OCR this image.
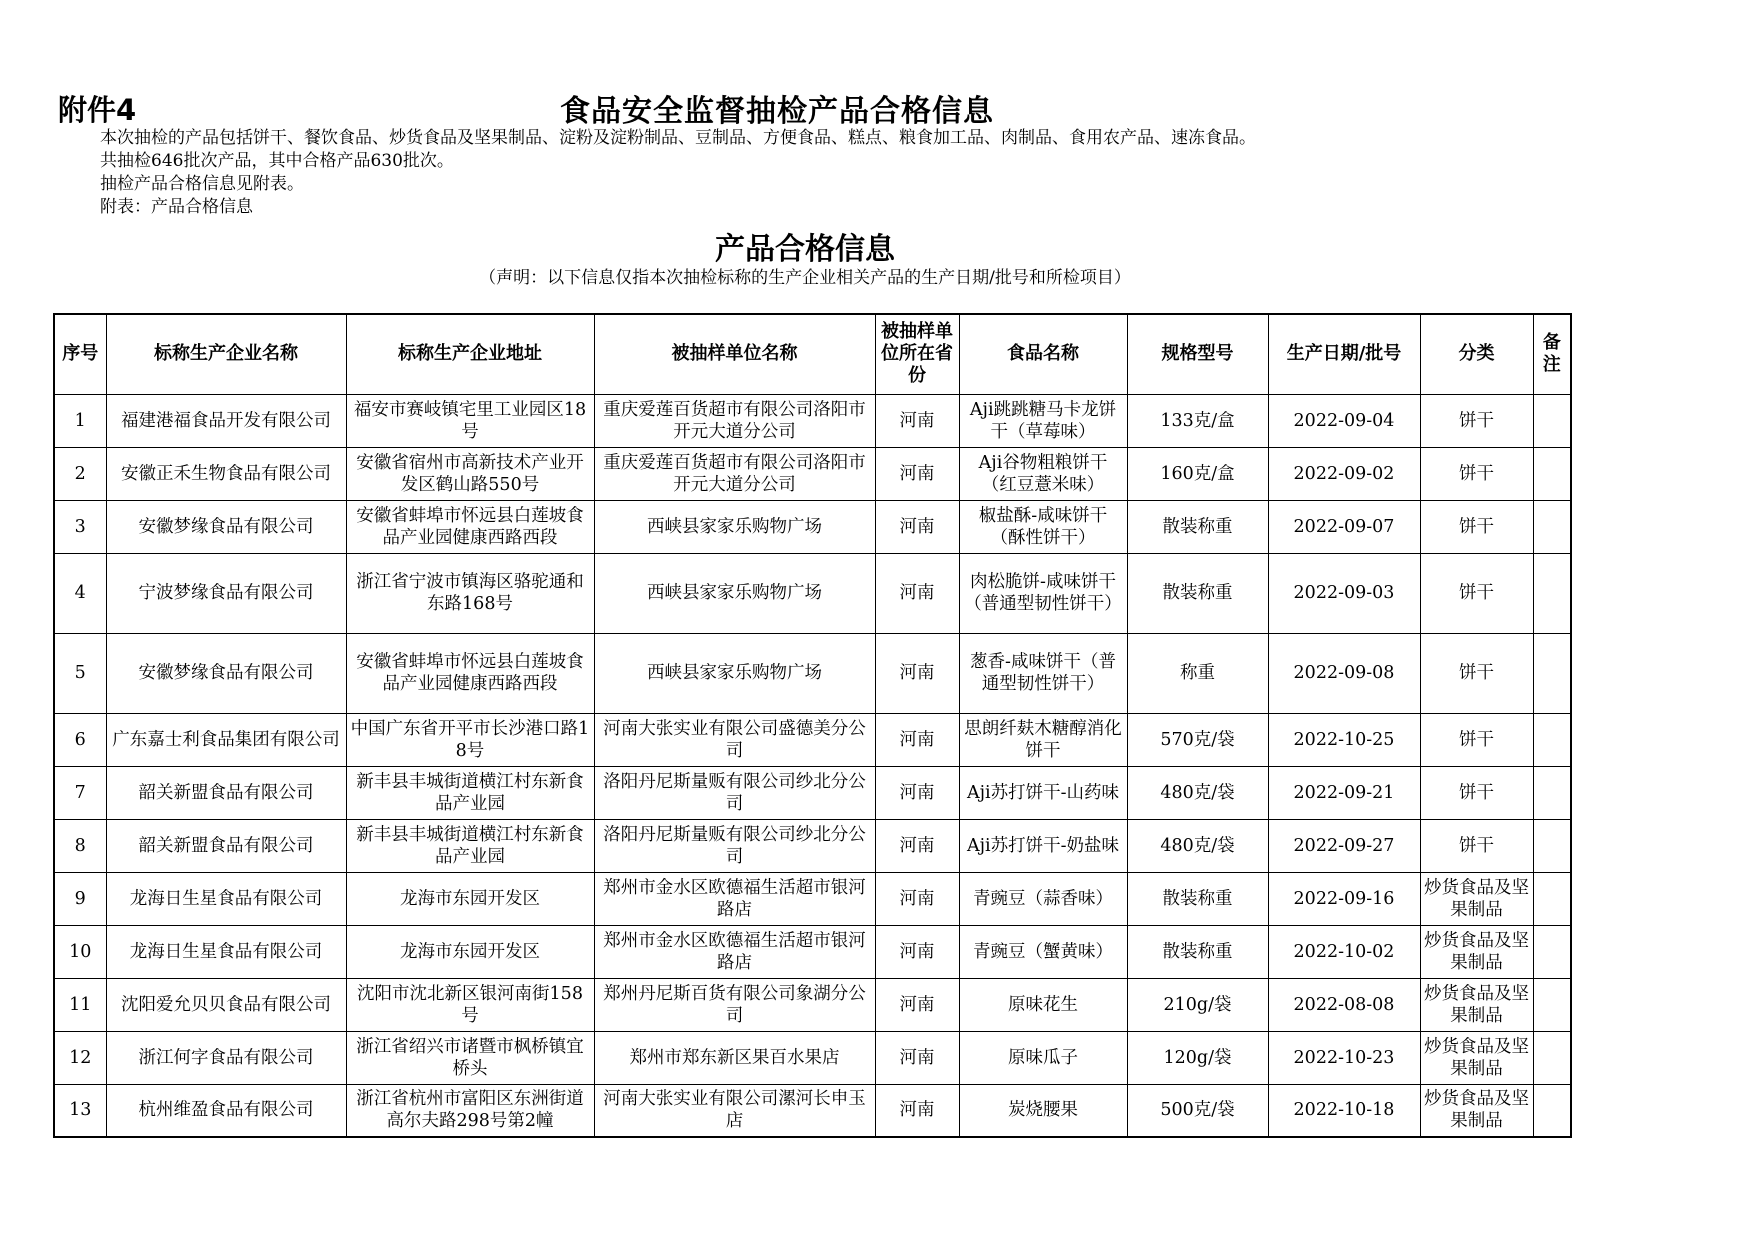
附件4	食品安全监督抽检产品合格信息
本次抽检的产品包括饼干、餐饮食品、炒货食品及坚果制品、淀粉及淀粉制品、豆制品、方便食品、糕点、粮食加工品、肉制品、食用农产品、速冻食品。
共抽检646批次产品，其中合格产品630批次。
抽检产品合格信息见附表。
附表：产品合格信息
产品合格信息
（声明：以下信息仅指本次抽检标称的生产企业相关产品的生产日期/批号和所检项目）
序号	标称生产企业名称	标称生产企业地址	被抽样单位名称	被抽样单位所在省份	食品名称	规格型号	生产日期/批号	分类	备注

1	福建港福食品开发有限公司	福安市赛岐镇宅里工业园区18号	重庆爱莲百货超市有限公司洛阳市开元大道分公司	河南	Aji跳跳糖马卡龙饼干（草莓味）	133克/盒	2022-09-04	饼干	

2	安徽正禾生物食品有限公司	安徽省宿州市高新技术产业开发区鹤山路550号	重庆爱莲百货超市有限公司洛阳市开元大道分公司	河南	Aji谷物粗粮饼干（红豆薏米味）	160克/盒	2022-09-02	饼干	

3	安徽梦缘食品有限公司	安徽省蚌埠市怀远县白莲坡食品产业园健康西路西段	西峡县家家乐购物广场	河南	椒盐酥-咸味饼干（酥性饼干）	散装称重	2022-09-07	饼干	

4	宁波梦缘食品有限公司	浙江省宁波市镇海区骆驼通和东路168号	西峡县家家乐购物广场	河南	肉松脆饼-咸味饼干（普通型韧性饼干）	散装称重	2022-09-03	饼干	

5	安徽梦缘食品有限公司	安徽省蚌埠市怀远县白莲坡食品产业园健康西路西段	西峡县家家乐购物广场	河南	葱香-咸味饼干（普通型韧性饼干）	称重	2022-09-08	饼干	

6	广东嘉士利食品集团有限公司	中国广东省开平市长沙港口路18号	河南大张实业有限公司盛德美分公司	河南	思朗纤麸木糖醇消化饼干	570克/袋	2022-10-25	饼干	

7	韶关新盟食品有限公司	新丰县丰城街道横江村东新食品产业园	洛阳丹尼斯量贩有限公司纱北分公司	河南	Aji苏打饼干-山药味	480克/袋	2022-09-21	饼干	

8	韶关新盟食品有限公司	新丰县丰城街道横江村东新食品产业园	洛阳丹尼斯量贩有限公司纱北分公司	河南	Aji苏打饼干-奶盐味	480克/袋	2022-09-27	饼干	

9	龙海日生星食品有限公司	龙海市东园开发区	郑州市金水区欧德福生活超市银河路店	河南	青豌豆（蒜香味）	散装称重	2022-09-16	炒货食品及坚果制品	

10	龙海日生星食品有限公司	龙海市东园开发区	郑州市金水区欧德福生活超市银河路店	河南	青豌豆（蟹黄味）	散装称重	2022-10-02	炒货食品及坚果制品	

11	沈阳爱允贝贝食品有限公司	沈阳市沈北新区银河南街158号	郑州丹尼斯百货有限公司象湖分公司	河南	原味花生	210g/袋	2022-08-08	炒货食品及坚果制品	

12	浙江何字食品有限公司	浙江省绍兴市诸暨市枫桥镇宜桥头	郑州市郑东新区果百水果店	河南	原味瓜子	120g/袋	2022-10-23	炒货食品及坚果制品	

13	杭州维盈食品有限公司	浙江省杭州市富阳区东洲街道高尔夫路298号第2幢	河南大张实业有限公司漯河长申玉店	河南	炭烧腰果	500克/袋	2022-10-18	炒货食品及坚果制品	
